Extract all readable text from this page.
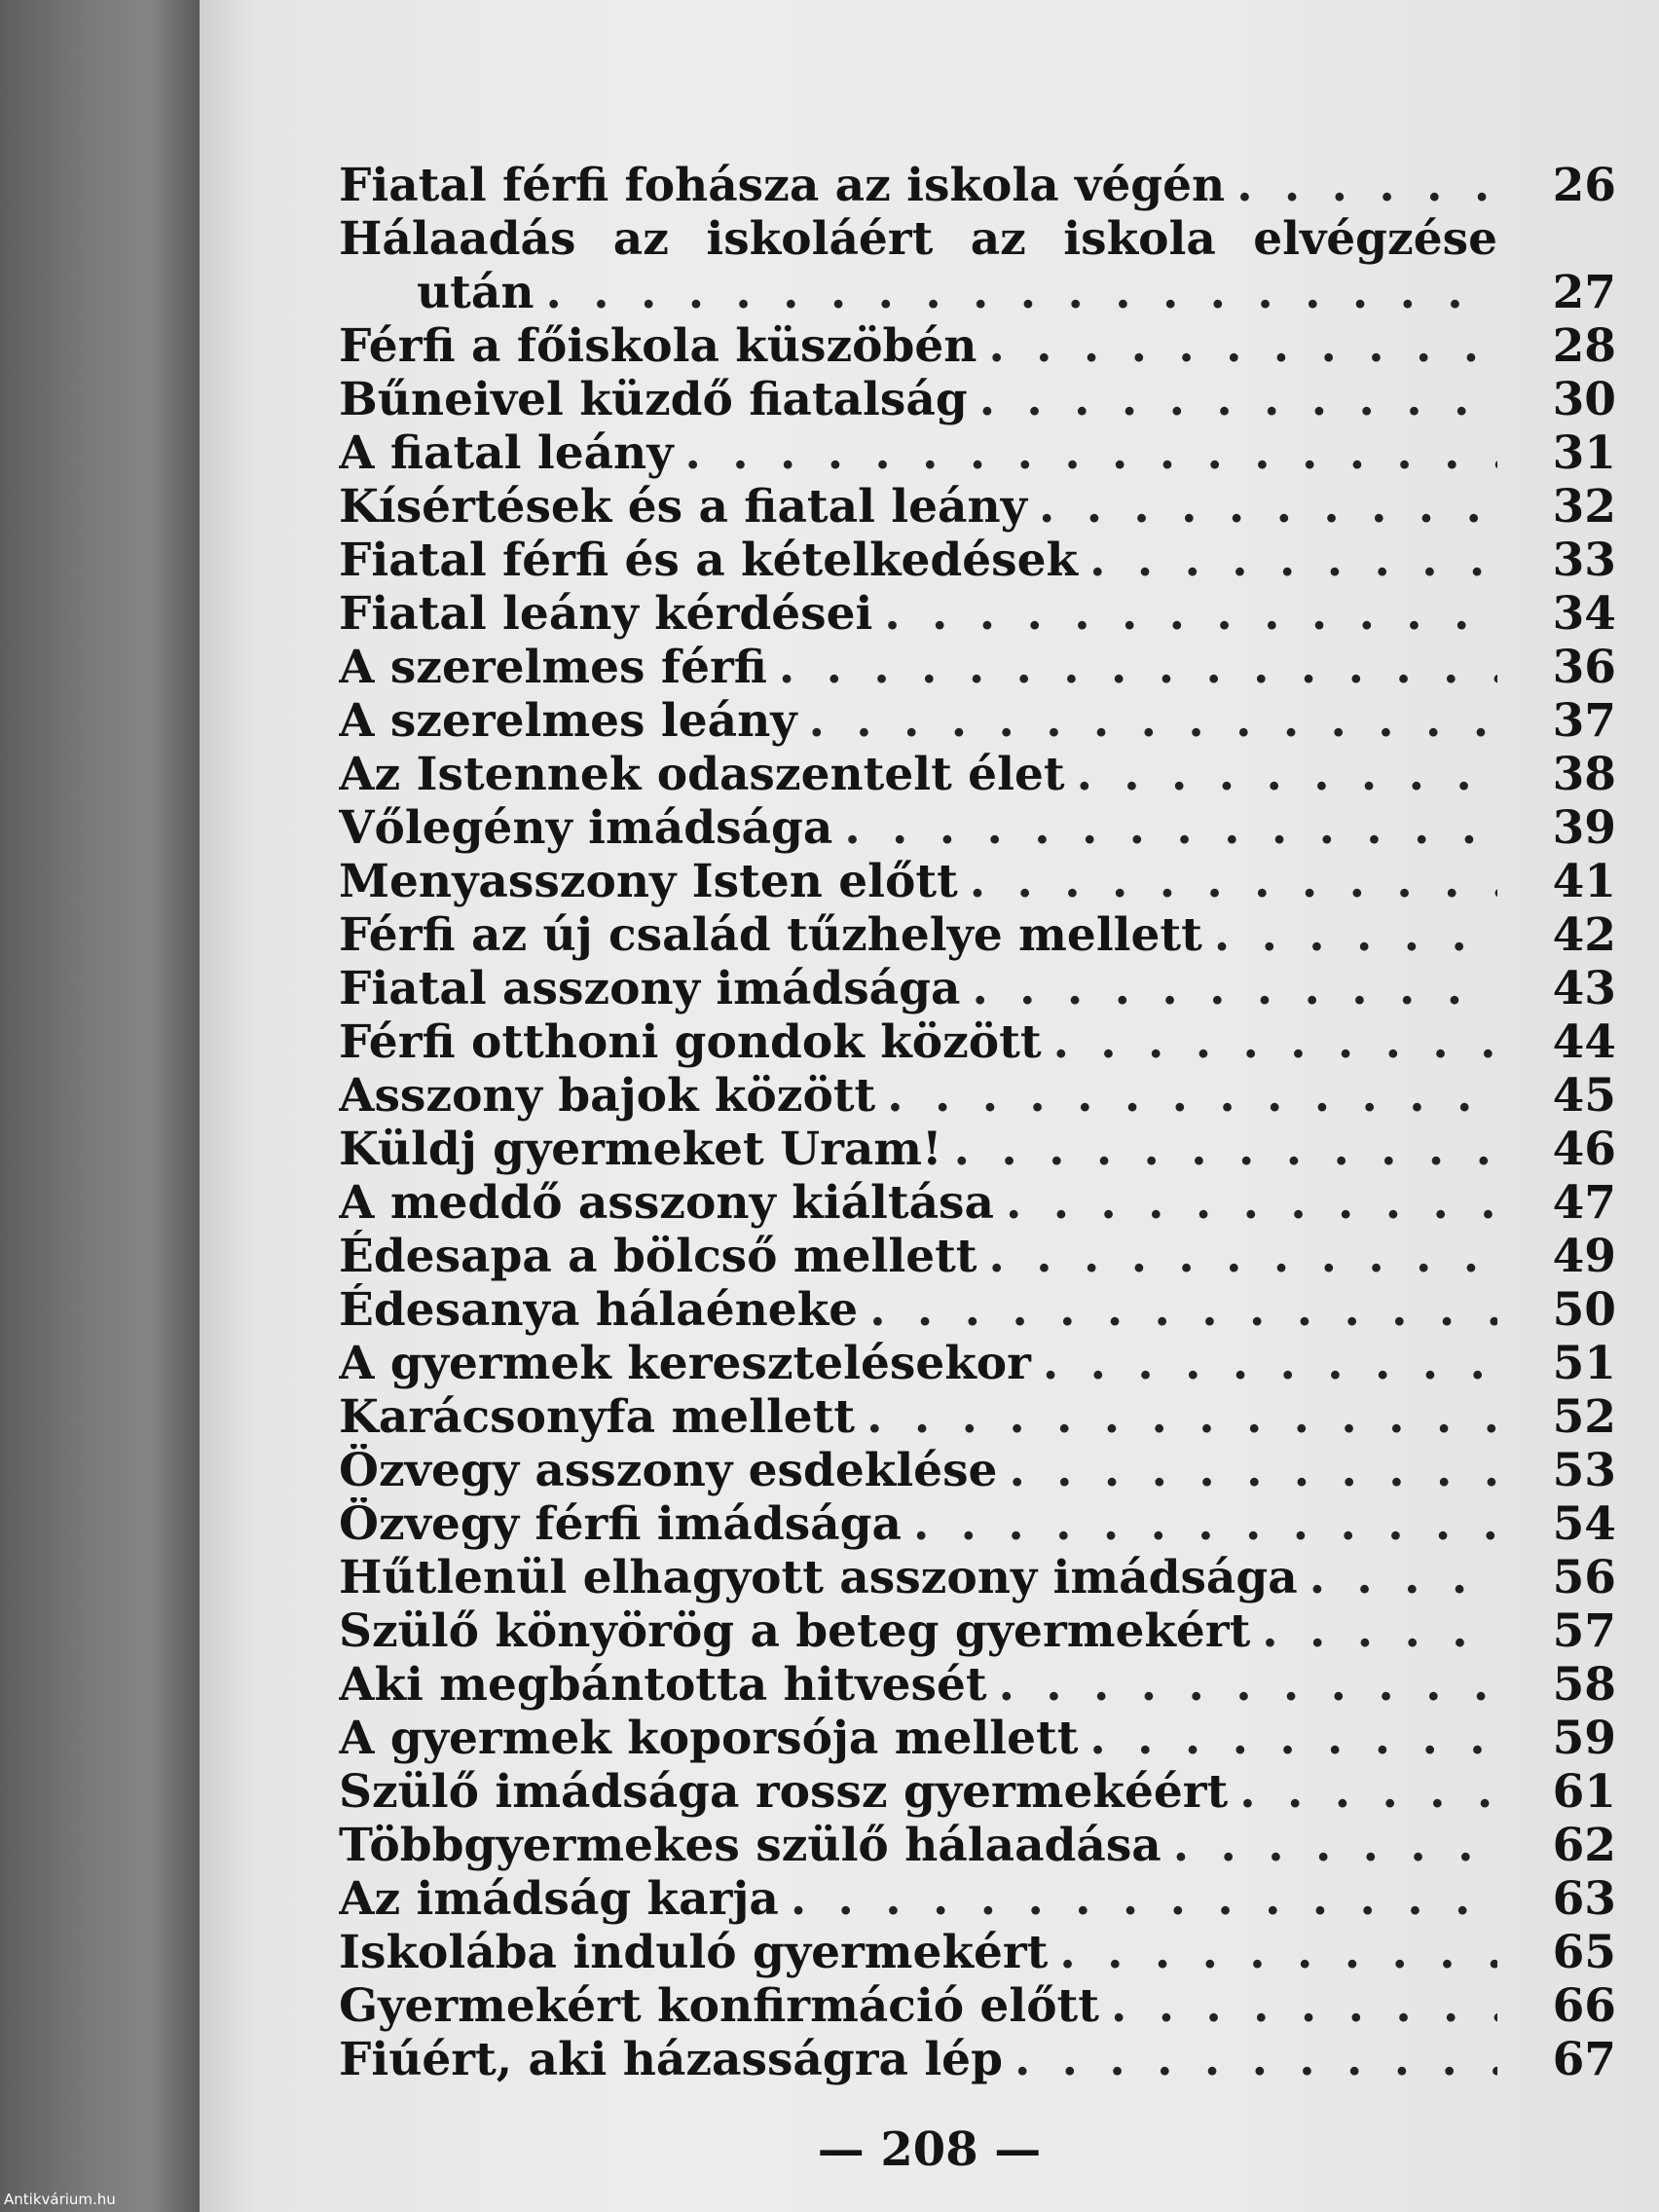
Fiatal férfi fohásza az iskola végén . . .	26
Hálaadás az iskoláért az iskola elvégzése
után . . .	27
Férfi a főiskola küszöbén . . .	28
Bűneivel küzdő fiatalság . . .	30
A fiatal leány . . .	31
Kísértések és a fiatal leány . . .	32
Fiatal férfi és a kételkedések . . .	33
Fiatal leány kérdései . . .	34
A szerelmes férfi . . .	36
A szerelmes leány . . .	37
Az Istennek odaszentelt élet . . .	38
Vőlegény imádsága . . .	39
Menyasszony Isten előtt . . .	41
Férfi az új család tűzhelye mellett . . .	42
Fiatal asszony imádsága . . .	43
Férfi otthoni gondok között . . .	44
Asszony bajok között . . .	45
Küldj gyermeket Uram! . . .	46
A meddő asszony kiáltása . . .	47
Édesapa a bölcső mellett . . .	49
Édesanya hálaéneke . . .	50
A gyermek keresztelésekor . . .	51
Karácsonyfa mellett . . .	52
Özvegy asszony esdeklése . . .	53
Özvegy férfi imádsága . . .	54
Hűtlenül elhagyott asszony imádsága . . .	56
Szülő könyörög a beteg gyermekért . . .	57
Aki megbántotta hitvesét . . .	58
A gyermek koporsója mellett . . .	59
Szülő imádsága rossz gyermekéért . . .	61
Többgyermekes szülő hálaadása . . .	62
Az imádság karja . . .	63
Iskolába induló gyermekért . . .	65
Gyermekért konfirmáció előtt . . .	66
Fiúért, aki házasságra lép . . .	67
— 208 —
Antikvárium.hu
